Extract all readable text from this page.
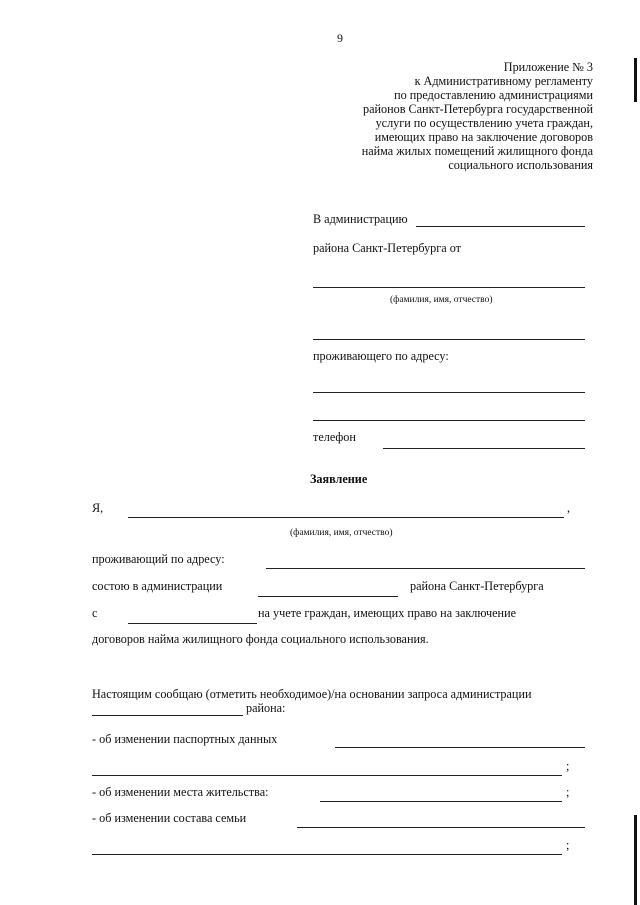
9
Приложение № 3
к Административному регламенту
по предоставлению администрациями
районов Санкт-Петербурга государственной
услуги по осуществлению учета граждан,
имеющих право на заключение договоров
найма жилых помещений жилищного фонда
социального использования
В администрацию
района Санкт-Петербурга от
(фамилия, имя, отчество)
проживающего по адресу:
телефон
Заявление
Я,	,
(фамилия, имя, отчество)
проживающий по адресу:
состою в администрации	района Санкт-Петербурга
с	на учете граждан, имеющих право на заключение
договоров найма жилищного фонда социального использования.
Настоящим сообщаю (отметить необходимое)/на основании запроса администрации
района:
- об изменении паспортных данных
;
- об изменении места жительства:	;
- об изменении состава семьи
;
